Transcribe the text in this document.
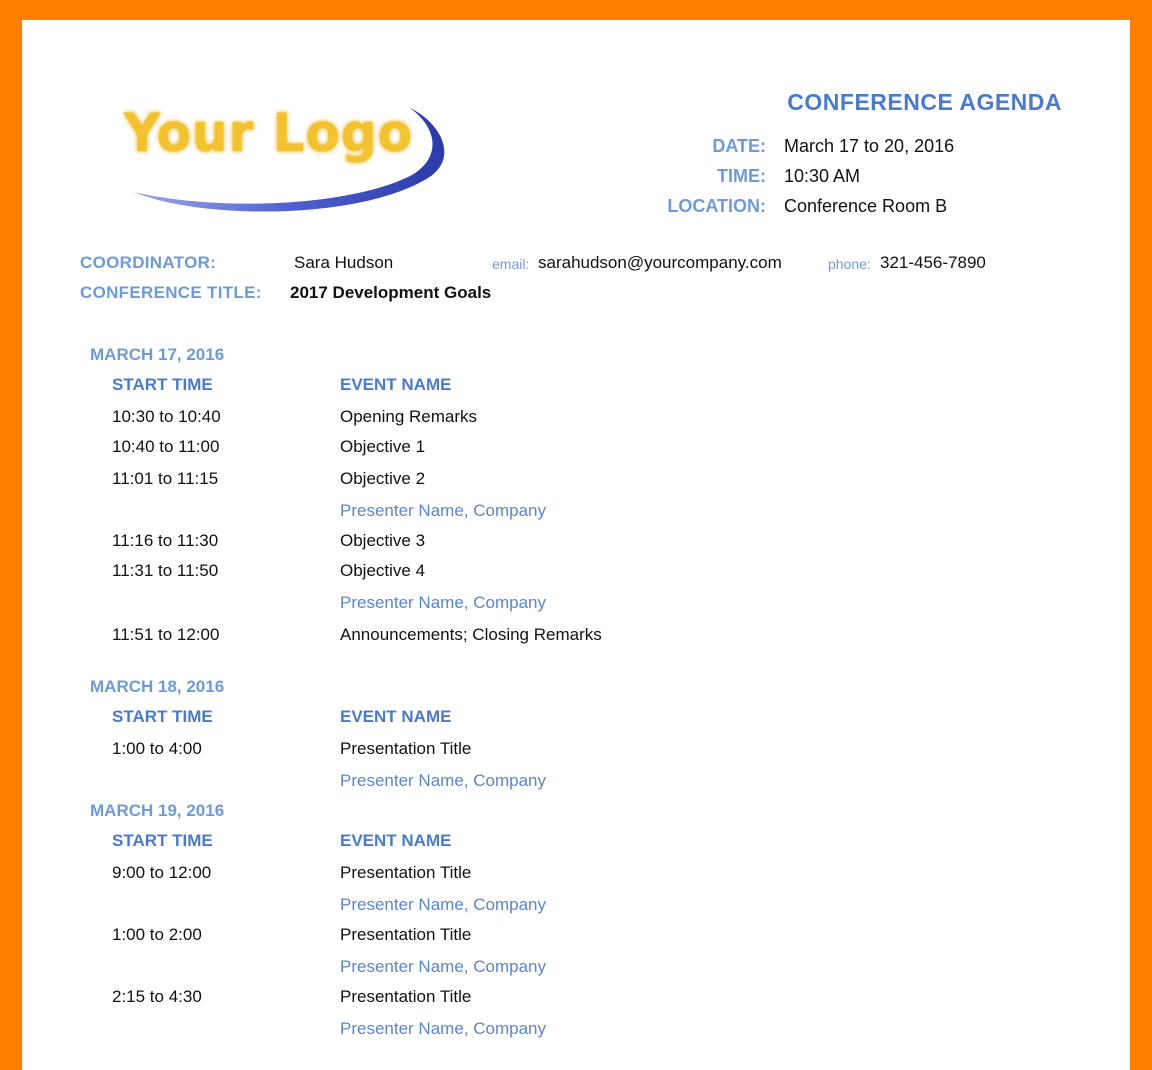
Your Logo
CONFERENCE AGENDA
DATE: March 17 to 20, 2016
TIME: 10:30 AM
LOCATION: Conference Room B
COORDINATOR:	Sara Hudson	email: sarahudson@yourcompany.com	phone: 321-456-7890
CONFERENCE TITLE: 2017 Development Goals
MARCH 17, 2016
START TIME	EVENT NAME
10:30 to 10:40	Opening Remarks
10:40 to 11:00	Objective 1
11:01 to 11:15	Objective 2
Presenter Name, Company
11:16 to 11:30	Objective 3
11:31 to 11:50	Objective 4
Presenter Name, Company
11:51 to 12:00	Announcements; Closing Remarks
MARCH 18, 2016
START TIME	EVENT NAME
1:00 to 4:00	Presentation Title
Presenter Name, Company
MARCH 19, 2016
START TIME	EVENT NAME
9:00 to 12:00	Presentation Title
Presenter Name, Company
1:00 to 2:00	Presentation Title
Presenter Name, Company
2:15 to 4:30	Presentation Title
Presenter Name, Company
